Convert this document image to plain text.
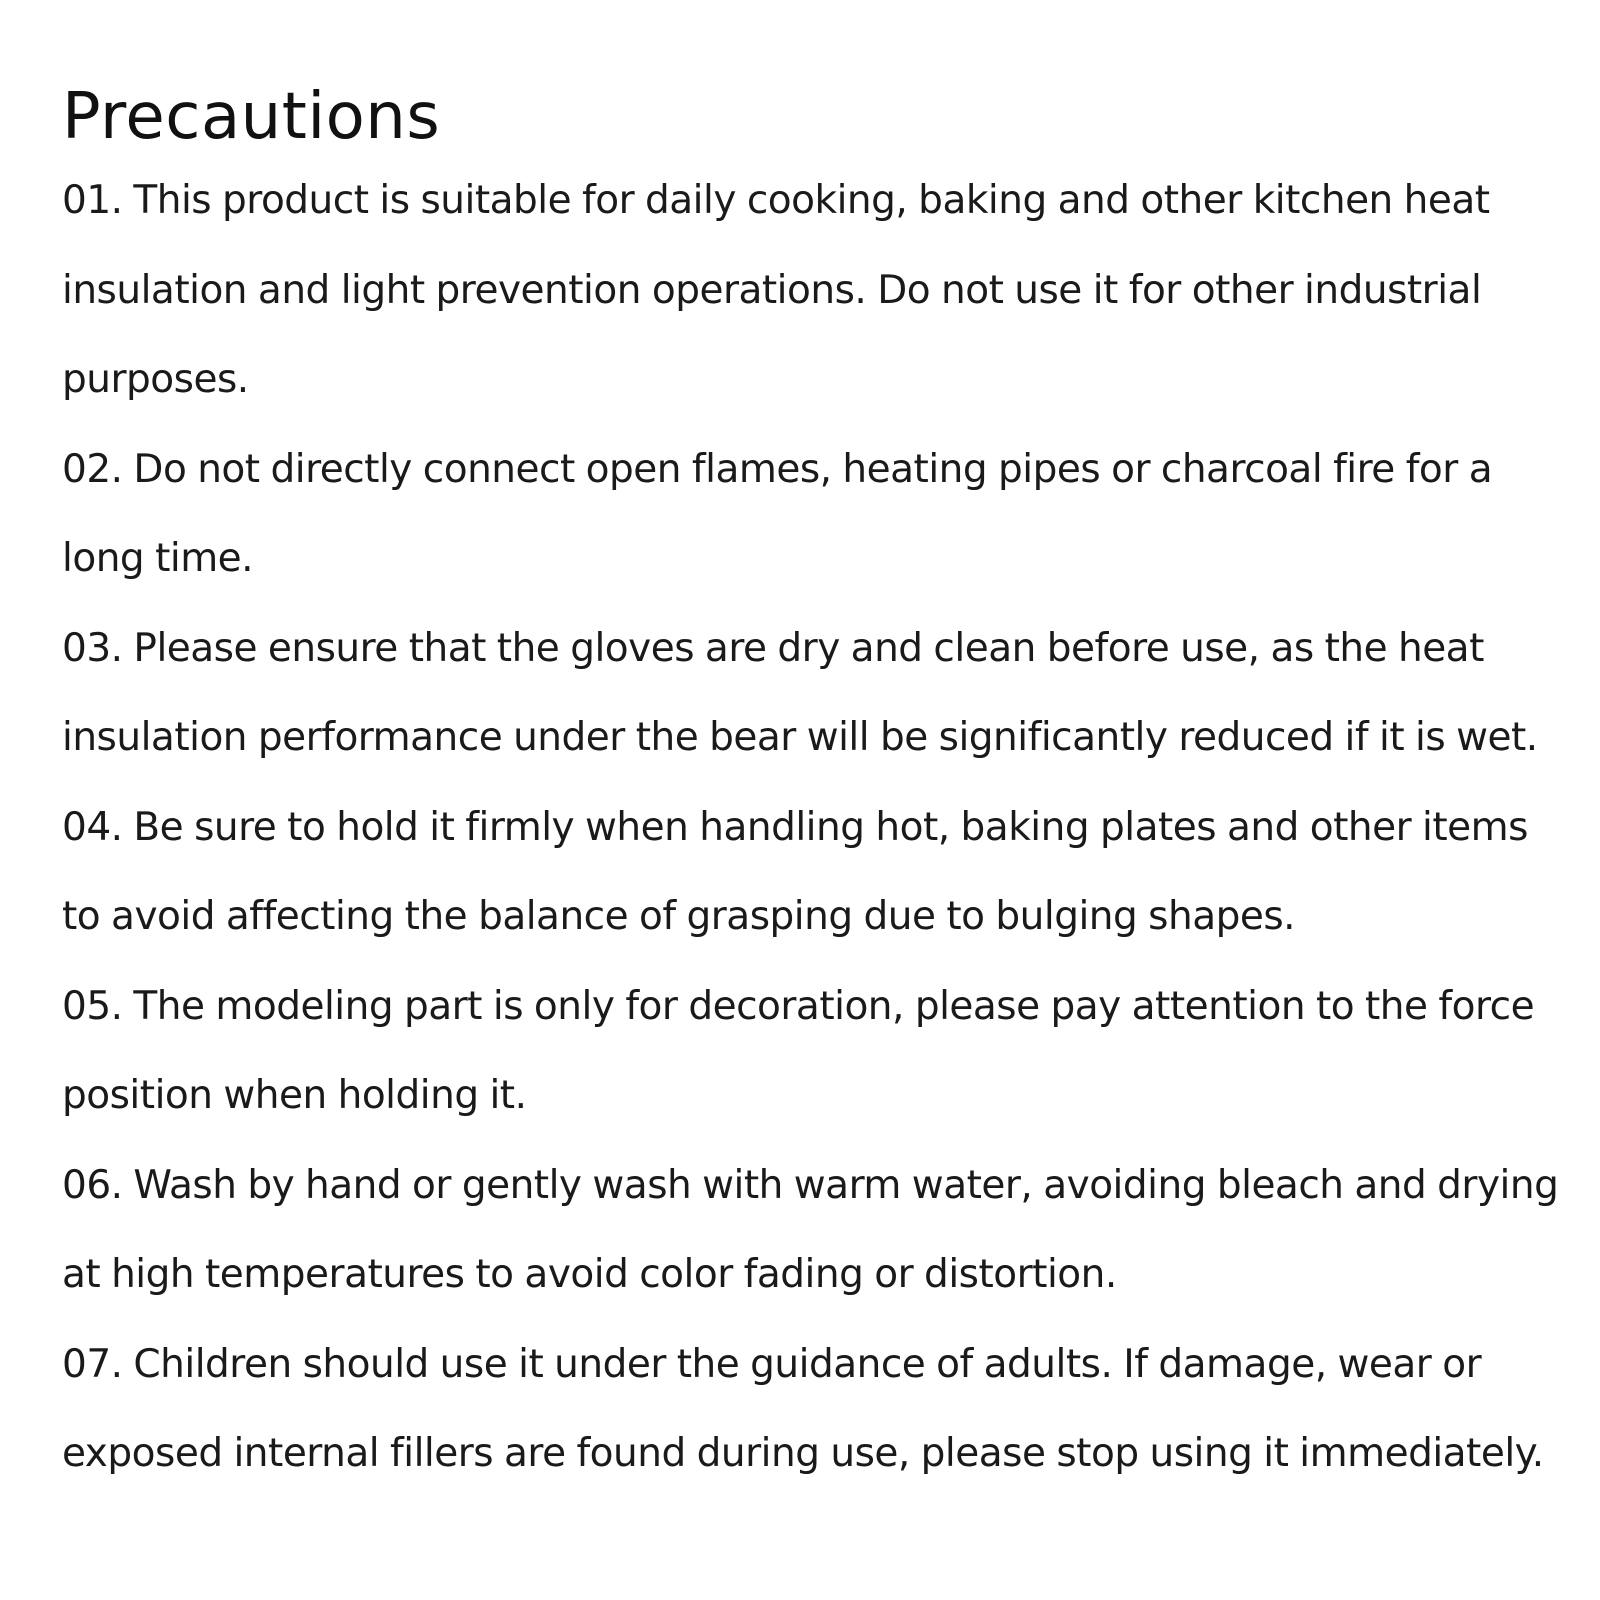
Precautions
01. This product is suitable for daily cooking, baking and other kitchen heat insulation and light prevention operations. Do not use it for other industrial purposes.
02. Do not directly connect open flames, heating pipes or charcoal fire for a long time.
03. Please ensure that the gloves are dry and clean before use, as the heat insulation performance under the bear will be significantly reduced if it is wet.
04. Be sure to hold it firmly when handling hot, baking plates and other items to avoid affecting the balance of grasping due to bulging shapes.
05. The modeling part is only for decoration, please pay attention to the force position when holding it.
06. Wash by hand or gently wash with warm water, avoiding bleach and drying at high temperatures to avoid color fading or distortion.
07. Children should use it under the guidance of adults. If damage, wear or exposed internal fillers are found during use, please stop using it immediately.
